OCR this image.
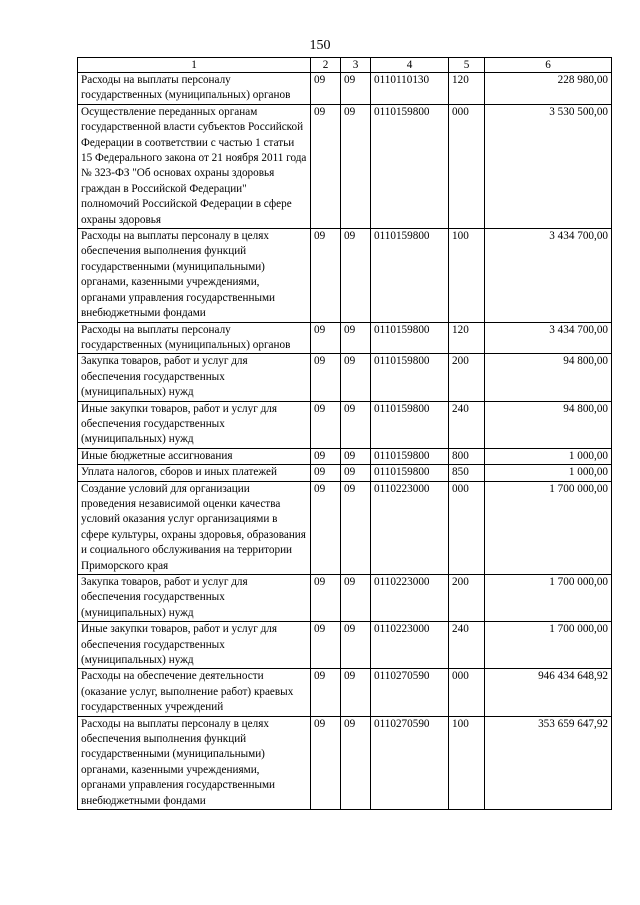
150
1	2	3	4	5	6
Расходы на выплаты персоналу государственных (муниципальных) органов	09	09	0110110130	120	228 980,00
Осуществление переданных органам государственной власти субъектов Российской Федерации в соответствии с частью 1 статьи 15 Федерального закона от 21 ноября 2011 года № 323-ФЗ "Об основах охраны здоровья граждан в Российской Федерации" полномочий Российской Федерации в сфере охраны здоровья	09	09	0110159800	000	3 530 500,00
Расходы на выплаты персоналу в целях обеспечения выполнения функций государственными (муниципальными) органами, казенными учреждениями, органами управления государственными внебюджетными фондами	09	09	0110159800	100	3 434 700,00
Расходы на выплаты персоналу государственных (муниципальных) органов	09	09	0110159800	120	3 434 700,00
Закупка товаров, работ и услуг для обеспечения государственных (муниципальных) нужд	09	09	0110159800	200	94 800,00
Иные закупки товаров, работ и услуг для обеспечения государственных (муниципальных) нужд	09	09	0110159800	240	94 800,00
Иные бюджетные ассигнования	09	09	0110159800	800	1 000,00
Уплата налогов, сборов и иных платежей	09	09	0110159800	850	1 000,00
Создание условий для организации проведения независимой оценки качества условий оказания услуг организациями в сфере культуры, охраны здоровья, образования и социального обслуживания на территории Приморского края	09	09	0110223000	000	1 700 000,00
Закупка товаров, работ и услуг для обеспечения государственных (муниципальных) нужд	09	09	0110223000	200	1 700 000,00
Иные закупки товаров, работ и услуг для обеспечения государственных (муниципальных) нужд	09	09	0110223000	240	1 700 000,00
Расходы на обеспечение деятельности (оказание услуг, выполнение работ) краевых государственных учреждений	09	09	0110270590	000	946 434 648,92
Расходы на выплаты персоналу в целях обеспечения выполнения функций государственными (муниципальными) органами, казенными учреждениями, органами управления государственными внебюджетными фондами	09	09	0110270590	100	353 659 647,92
